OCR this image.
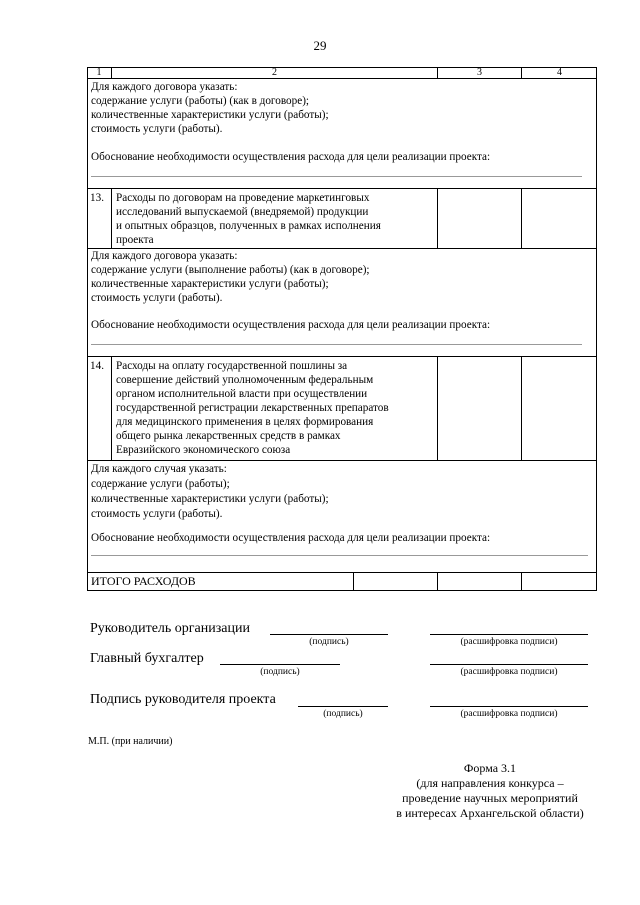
29
1	2	3	4
Для каждого договора указать:
содержание услуги (работы) (как в договоре);
количественные характеристики услуги (работы);
стоимость услуги (работы).
Обоснование необходимости осуществления расхода для цели реализации проекта:
13. Расходы по договорам на проведение маркетинговых
исследований выпускаемой (внедряемой) продукции
и опытных образцов, полученных в рамках исполнения
проекта
Для каждого договора указать:
содержание услуги (выполнение работы) (как в договоре);
количественные характеристики услуги (работы);
стоимость услуги (работы).
Обоснование необходимости осуществления расхода для цели реализации проекта:
14. Расходы на оплату государственной пошлины за
совершение действий уполномоченным федеральным
органом исполнительной власти при осуществлении
государственной регистрации лекарственных препаратов
для медицинского применения в целях формирования
общего рынка лекарственных средств в рамках
Евразийского экономического союза
Для каждого случая указать:
содержание услуги (работы);
количественные характеристики услуги (работы);
стоимость услуги (работы).
Обоснование необходимости осуществления расхода для цели реализации проекта:
ИТОГО РАСХОДОВ
Руководитель организации
(подпись)	(расшифровка подписи)
Главный бухгалтер
(подпись)	(расшифровка подписи)
Подпись руководителя проекта
(подпись)	(расшифровка подписи)
М.П. (при наличии)
Форма 3.1
(для направления конкурса –
проведение научных мероприятий
в интересах Архангельской области)
